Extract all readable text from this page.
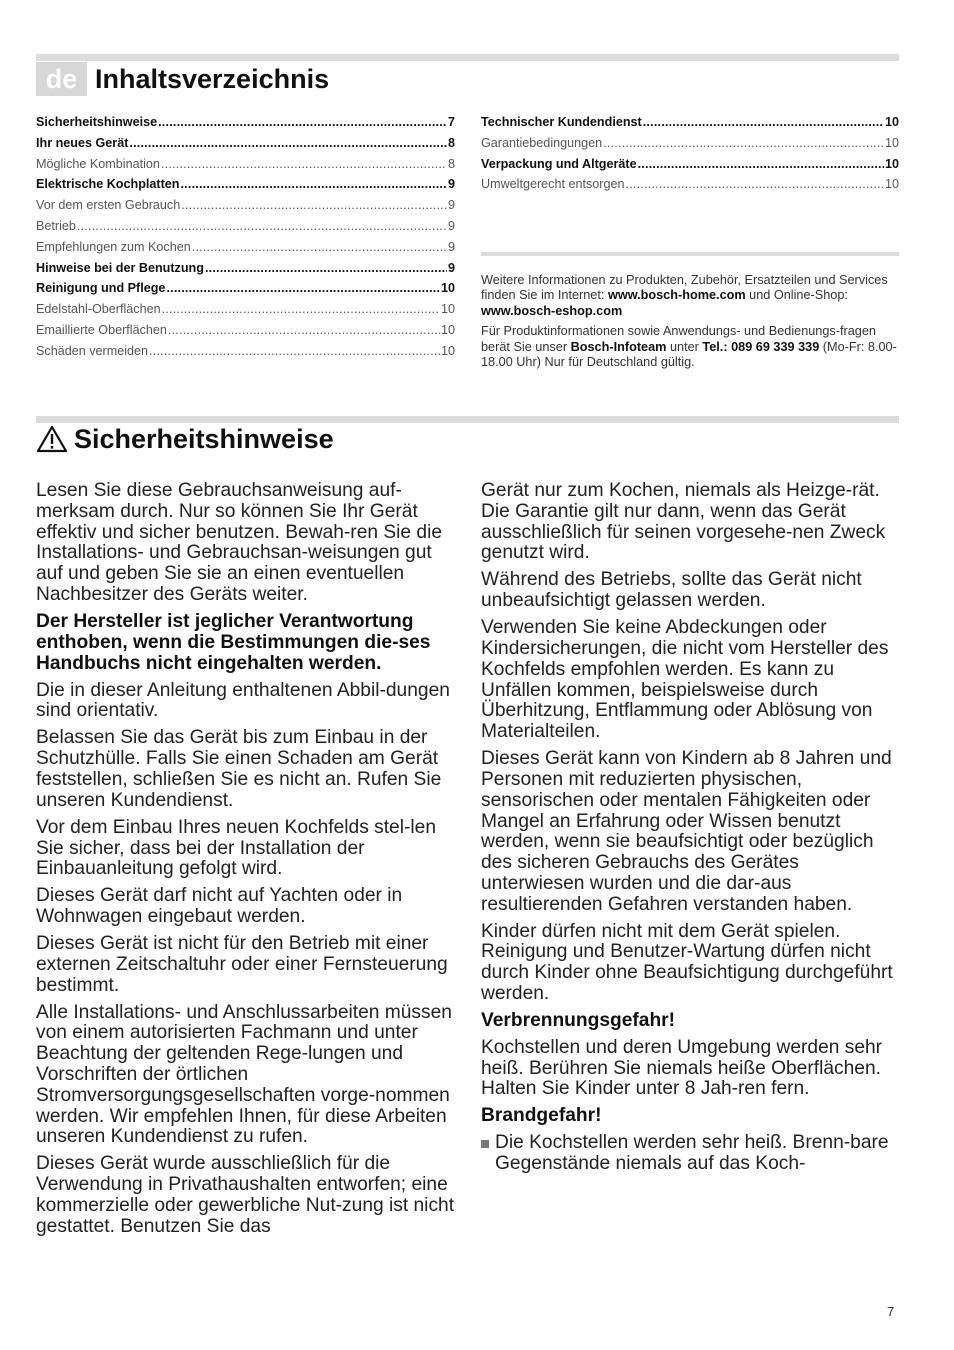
de Inhaltsverzeichnis
Sicherheitshinweise .....	7
Ihr neues Gerät .....	8
Mögliche Kombination .....	8
Elektrische Kochplatten .....	9
Vor dem ersten Gebrauch .....	9
Betrieb .....	9
Empfehlungen zum Kochen .....	9
Hinweise bei der Benutzung .....	9
Reinigung und Pflege .....	10
Edelstahl-Oberflächen .....	10
Emaillierte Oberflächen .....	10
Schäden vermeiden .....	10
Technischer Kundendienst .....	10
Garantiebedingungen .....	10
Verpackung und Altgeräte .....	10
Umweltgerecht entsorgen .....	10

Weitere Informationen zu Produkten, Zubehör, Ersatzteilen und Services finden Sie im Internet: www.bosch-home.com und Online-Shop: www.bosch-eshop.com

Für Produktinformationen sowie Anwendungs- und Bedienungs-fragen berät Sie unser Bosch-Infoteam unter Tel.: 089 69 339 339 (Mo-Fr: 8.00-18.00 Uhr) Nur für Deutschland gültig.

Sicherheitshinweise

Lesen Sie diese Gebrauchsanweisung auf-merksam durch. Nur so können Sie Ihr Gerät effektiv und sicher benutzen. Bewah-ren Sie die Installations- und Gebrauchsan-weisungen gut auf und geben Sie sie an einen eventuellen Nachbesitzer des Geräts weiter.

Der Hersteller ist jeglicher Verantwortung enthoben, wenn die Bestimmungen die-ses Handbuchs nicht eingehalten werden.

Die in dieser Anleitung enthaltenen Abbil-dungen sind orientativ.

Belassen Sie das Gerät bis zum Einbau in der Schutzhülle. Falls Sie einen Schaden am Gerät feststellen, schließen Sie es nicht an. Rufen Sie unseren Kundendienst.

Vor dem Einbau Ihres neuen Kochfelds stel-len Sie sicher, dass bei der Installation der Einbauanleitung gefolgt wird.

Dieses Gerät darf nicht auf Yachten oder in Wohnwagen eingebaut werden.

Dieses Gerät ist nicht für den Betrieb mit einer externen Zeitschaltuhr oder einer Fernsteuerung bestimmt.

Alle Installations- und Anschlussarbeiten müssen von einem autorisierten Fachmann und unter Beachtung der geltenden Rege-lungen und Vorschriften der örtlichen Stromversorgungsgesellschaften vorge-nommen werden. Wir empfehlen Ihnen, für diese Arbeiten unseren Kundendienst zu rufen.

Dieses Gerät wurde ausschließlich für die Verwendung in Privathaushalten entworfen; eine kommerzielle oder gewerbliche Nut-zung ist nicht gestattet. Benutzen Sie das

Gerät nur zum Kochen, niemals als Heizge-rät. Die Garantie gilt nur dann, wenn das Gerät ausschließlich für seinen vorgesehe-nen Zweck genutzt wird.

Während des Betriebs, sollte das Gerät nicht unbeaufsichtigt gelassen werden.

Verwenden Sie keine Abdeckungen oder Kindersicherungen, die nicht vom Hersteller des Kochfelds empfohlen werden. Es kann zu Unfällen kommen, beispielsweise durch Überhitzung, Entflammung oder Ablösung von Materialteilen.

Dieses Gerät kann von Kindern ab 8 Jahren und Personen mit reduzierten physischen, sensorischen oder mentalen Fähigkeiten oder Mangel an Erfahrung oder Wissen benutzt werden, wenn sie beaufsichtigt oder bezüglich des sicheren Gebrauchs des Gerätes unterwiesen wurden und die dar-aus resultierenden Gefahren verstanden haben.

Kinder dürfen nicht mit dem Gerät spielen. Reinigung und Benutzer-Wartung dürfen nicht durch Kinder ohne Beaufsichtigung durchgeführt werden.

Verbrennungsgefahr!

Kochstellen und deren Umgebung werden sehr heiß. Berühren Sie niemals heiße Oberflächen. Halten Sie Kinder unter 8 Jah-ren fern.

Brandgefahr!

Die Kochstellen werden sehr heiß. Brenn-bare Gegenstände niemals auf das Koch-
7
